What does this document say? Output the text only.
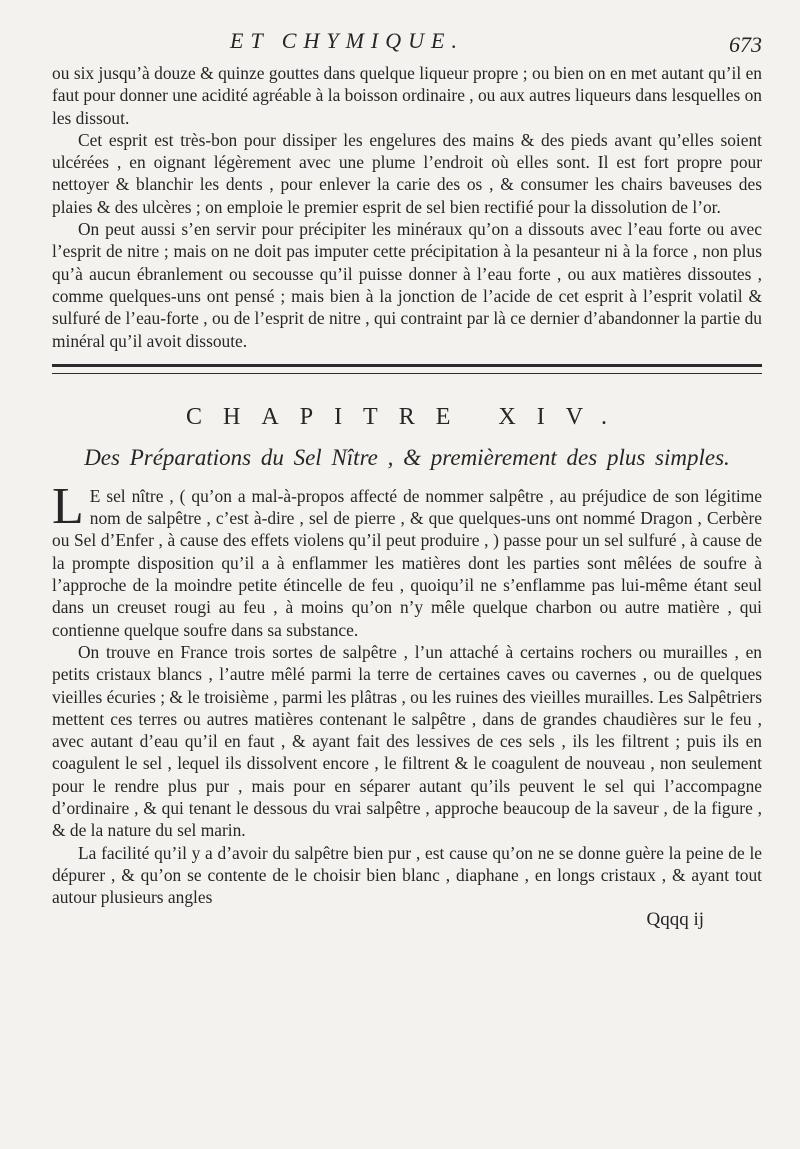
ET CHYMIQUE.	673

ou six jusqu’à douze & quinze gouttes dans quelque liqueur propre ; ou bien on en met autant qu’il en faut pour donner une acidité agréable à la boisson ordinaire , ou aux autres liqueurs dans lesquelles on les dissout.

Cet esprit est très-bon pour dissiper les engelures des mains & des pieds avant qu’elles soient ulcérées , en oignant légèrement avec une plume l’endroit où elles sont. Il est fort propre pour nettoyer & blanchir les dents , pour enlever la carie des os , & consumer les chairs baveuses des plaies & des ulcères ; on emploie le premier esprit de sel bien rectifié pour la dissolution de l’or.

On peut aussi s’en servir pour précipiter les minéraux qu’on a dissouts avec l’eau forte ou avec l’esprit de nitre ; mais on ne doit pas imputer cette précipitation à la pesanteur ni à la force , non plus qu’à aucun ébranlement ou secousse qu’il puisse donner à l’eau forte , ou aux matières dissoutes , comme quelques-uns ont pensé ; mais bien à la jonction de l’acide de cet esprit à l’esprit volatil & sulfuré de l’eau-forte , ou de l’esprit de nitre , qui contraint par là ce dernier d’abandonner la partie du minéral qu’il avoit dissoute.

CHAPITRE XIV.
Des Préparations du Sel Nître , & premièrement des plus simples.

L E sel nître , ( qu’on a mal-à-propos affecté de nommer salpêtre , au préjudice de son légitime nom de salpêtre , c’est à-dire , sel de pierre , & que quelques-uns ont nommé Dragon , Cerbère ou Sel d’Enfer , à cause des effets violens qu’il peut produire , ) passe pour un sel sulfuré , à cause de la prompte disposition qu’il a à enflammer les matières dont les parties sont mêlées de soufre à l’approche de la moindre petite étincelle de feu , quoiqu’il ne s’enflamme pas lui-même étant seul dans un creuset rougi au feu , à moins qu’on n’y mêle quelque charbon ou autre matière , qui contienne quelque soufre dans sa substance.

On trouve en France trois sortes de salpêtre , l’un attaché à certains rochers ou murailles , en petits cristaux blancs , l’autre mêlé parmi la terre de certaines caves ou cavernes , ou de quelques vieilles écuries ; & le troisième , parmi les plâtras , ou les ruines des vieilles murailles. Les Salpêtriers mettent ces terres ou autres matières contenant le salpêtre , dans de grandes chaudières sur le feu , avec autant d’eau qu’il en faut , & ayant fait des lessives de ces sels , ils les filtrent ; puis ils en coagulent le sel , lequel ils dissolvent encore , le filtrent & le coagulent de nouveau , non seulement pour le rendre plus pur , mais pour en séparer autant qu’ils peuvent le sel qui l’accompagne d’ordinaire , & qui tenant le dessous du vrai salpêtre , approche beaucoup de la saveur , de la figure , & de la nature du sel marin.

La facilité qu’il y a d’avoir du salpêtre bien pur , est cause qu’on ne se donne guère la peine de le dépurer , & qu’on se contente de le choisir bien blanc , diaphane , en longs cristaux , & ayant tout autour plusieurs angles

Qqqq ij
